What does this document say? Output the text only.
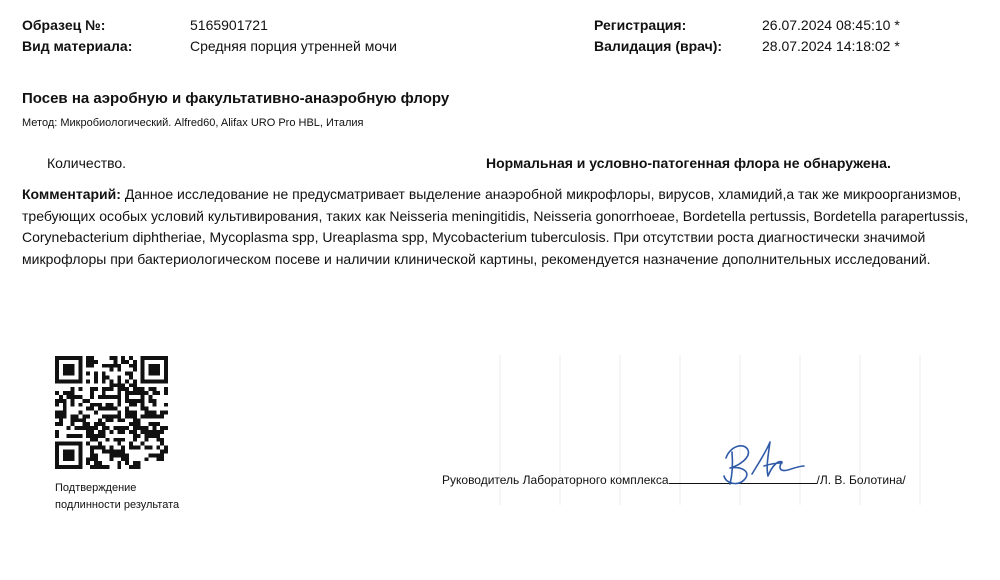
Образец №:	5165901721
Вид материала:	Средняя порция утренней мочи
Регистрация:	26.07.2024 08:45:10 *
Валидация (врач):	28.07.2024 14:18:02 *
Посев на аэробную и факультативно-анаэробную флору
Метод: Микробиологический. Alfred60, Alifax URO Pro HBL, Италия
Количество.	Нормальная и условно-патогенная флора не обнаружена.
Комментарий: Данное исследование не предусматривает выделение анаэробной микрофлоры, вирусов, хламидий,а так же микроорганизмов, требующих особых условий культивирования, таких как Neisseria meningitidis, Neisseria gonorrhoeae, Bordetella pertussis, Bordetella parapertussis, Corynebacterium diphtheriae, Mycoplasma spp, Ureaplasma spp, Mycobacterium tuberculosis. При отсутствии роста диагностически значимой микрофлоры при бактериологическом посеве и наличии клинической картины, рекомендуется назначение дополнительных исследований.
Подтверждение
подлинности результата
Руководитель Лабораторного комплекса	/Л. В. Болотина/
